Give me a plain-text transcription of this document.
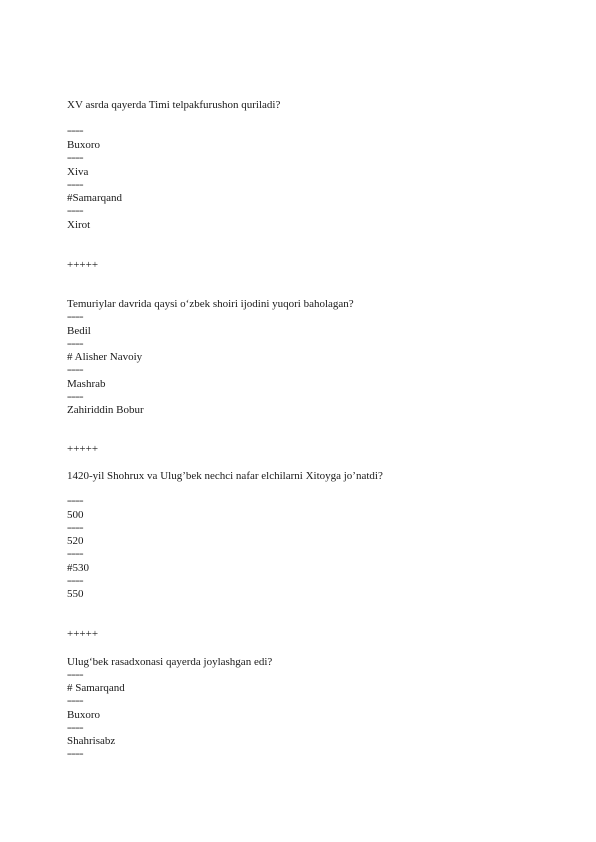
XV asrda qayerda Timi telpakfurushon quriladi?
====
Buxoro
====
Xiva
====
#Samarqand
====
Xirot
+++++
Temuriylar davrida qaysi o‘zbek shoiri ijodini yuqori baholagan?
====
Bedil
====
# Alisher Navoiy
====
Mashrab
====
Zahiriddin Bobur
+++++
1420-yil Shohrux va Ulug’bek nechci nafar elchilarni Xitoyga jo’natdi?
====
500
====
520
====
#530
====
550
+++++
Ulug‘bek rasadxonasi qayerda joylashgan edi?
====
# Samarqand
====
Buxoro
====
Shahrisabz
====
